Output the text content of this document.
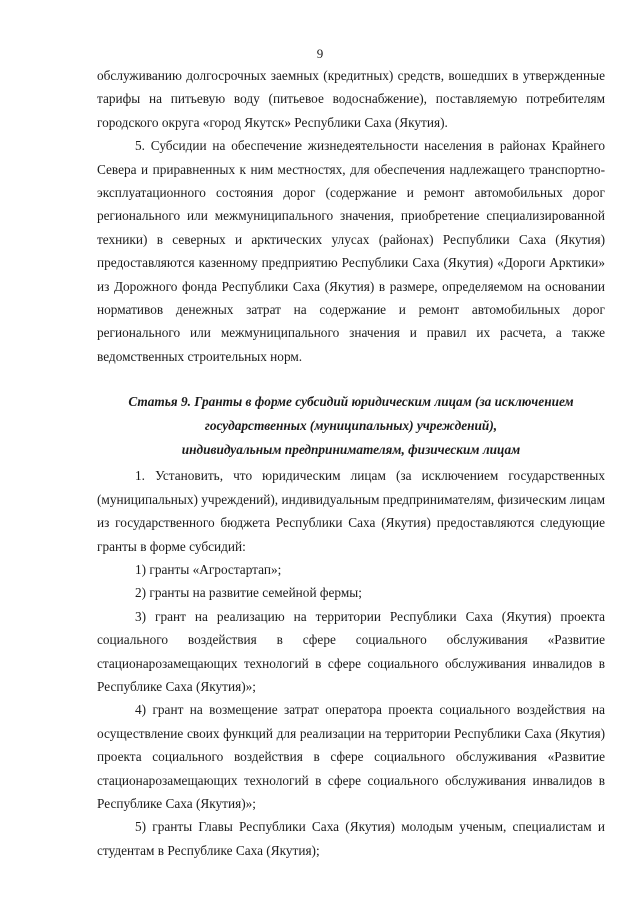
9

обслуживанию долгосрочных заемных (кредитных) средств, вошедших в утвержденные тарифы на питьевую воду (питьевое водоснабжение), поставляемую потребителям городского округа «город Якутск» Республики Саха (Якутия).

5. Субсидии на обеспечение жизнедеятельности населения в районах Крайнего Севера и приравненных к ним местностях, для обеспечения надлежащего транспортно-эксплуатационного состояния дорог (содержание и ремонт автомобильных дорог регионального или межмуниципального значения, приобретение специализированной техники) в северных и арктических улусах (районах) Республики Саха (Якутия) предоставляются казенному предприятию Республики Саха (Якутия) «Дороги Арктики» из Дорожного фонда Республики Саха (Якутия) в размере, определяемом на основании нормативов денежных затрат на содержание и ремонт автомобильных дорог регионального или межмуниципального значения и правил их расчета, а также ведомственных строительных норм.

Статья 9. Гранты в форме субсидий юридическим лицам (за исключением
государственных (муниципальных) учреждений),
индивидуальным предпринимателям, физическим лицам

1. Установить, что юридическим лицам (за исключением государственных (муниципальных) учреждений), индивидуальным предпринимателям, физическим лицам из государственного бюджета Республики Саха (Якутия) предоставляются следующие гранты в форме субсидий:

1) гранты «Агростартап»;

2) гранты на развитие семейной фермы;

3) грант на реализацию на территории Республики Саха (Якутия) проекта социального воздействия в сфере социального обслуживания «Развитие стационарозамещающих технологий в сфере социального обслуживания инвалидов в Республике Саха (Якутия)»;

4) грант на возмещение затрат оператора проекта социального воздействия на осуществление своих функций для реализации на территории Республики Саха (Якутия) проекта социального воздействия в сфере социального обслуживания «Развитие стационарозамещающих технологий в сфере социального обслуживания инвалидов в Республике Саха (Якутия)»;

5) гранты Главы Республики Саха (Якутия) молодым ученым, специалистам и студентам в Республике Саха (Якутия);
